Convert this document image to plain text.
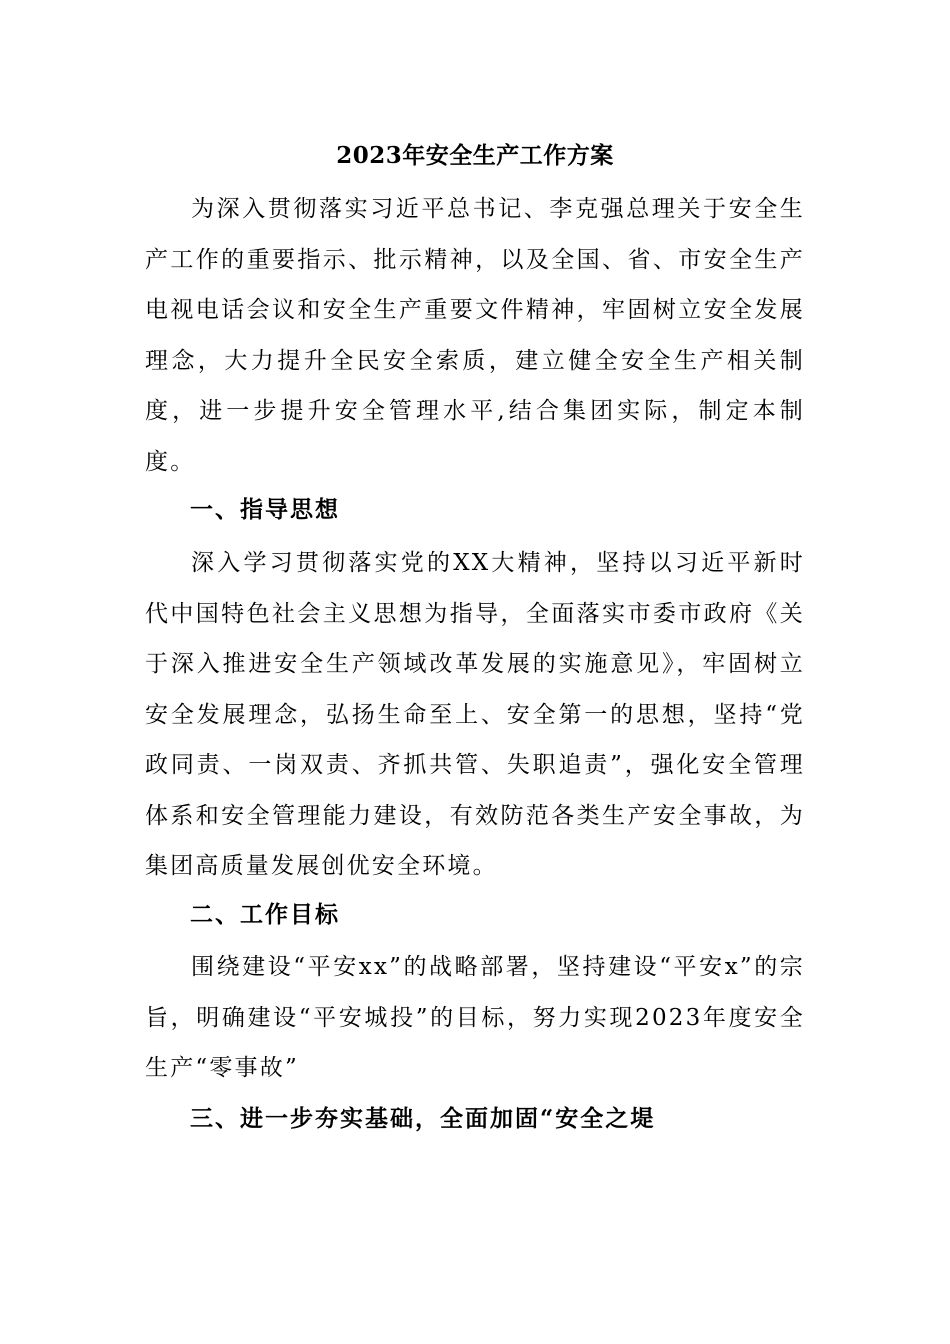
2023年安全生产工作方案

为深入贯彻落实习近平总书记、李克强总理关于安全生产工作的重要指示、批示精神，以及全国、省、市安全生产电视电话会议和安全生产重要文件精神，牢固树立安全发展理念，大力提升全民安全索质，建立健全安全生产相关制度，进一步提升安全管理水平,结合集团实际，制定本制度。

一、指导思想

深入学习贯彻落实党的XX大精神，坚持以习近平新时代中国特色社会主义思想为指导，全面落实市委市政府《关于深入推进安全生产领域改革发展的实施意见》，牢固树立安全发展理念，弘扬生命至上、安全第一的思想，坚持“党政同责、一岗双责、齐抓共管、失职追责”，强化安全管理体系和安全管理能力建设，有效防范各类生产安全事故，为集团高质量发展创优安全环境。

二、工作目标

围绕建设“平安xx”的战略部署，坚持建设“平安x”的宗旨，明确建设“平安城投”的目标，努力实现2023年度安全生产“零事故”

三、进一步夯实基础，全面加固“安全之堤
